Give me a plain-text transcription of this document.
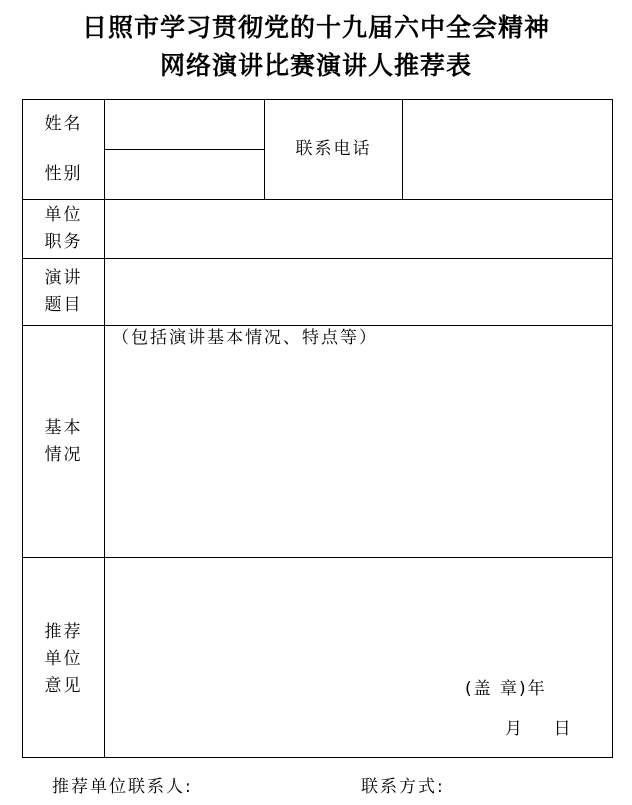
日照市学习贯彻党的十九届六中全会精神
网络演讲比赛演讲人推荐表
姓名
性别
联系电话
单位
职务
演讲
题目
基本
情况
（包括演讲基本情况、特点等）
推荐
单位
意见	(盖 章)年
月    日
推荐单位联系人:	联系方式:
